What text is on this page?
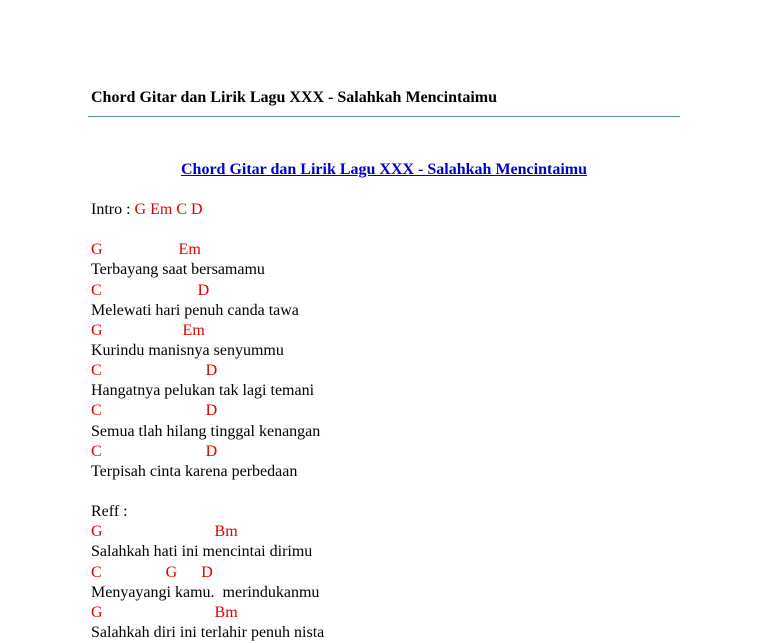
Chord Gitar dan Lirik Lagu XXX - Salahkah Mencintaimu
Chord Gitar dan Lirik Lagu XXX - Salahkah Mencintaimu
Intro : G Em C D
G                   Em
Terbayang saat bersamamu
C                        D
Melewati hari penuh canda tawa
G                    Em
Kurindu manisnya senyummu
C                          D
Hangatnya pelukan tak lagi temani
C                          D
Semua tlah hilang tinggal kenangan
C                          D
Terpisah cinta karena perbedaan
Reff :
G                            Bm
Salahkah hati ini mencintai dirimu
C                G      D
Menyayangi kamu.  merindukanmu
G                            Bm
Salahkah diri ini terlahir penuh nista
